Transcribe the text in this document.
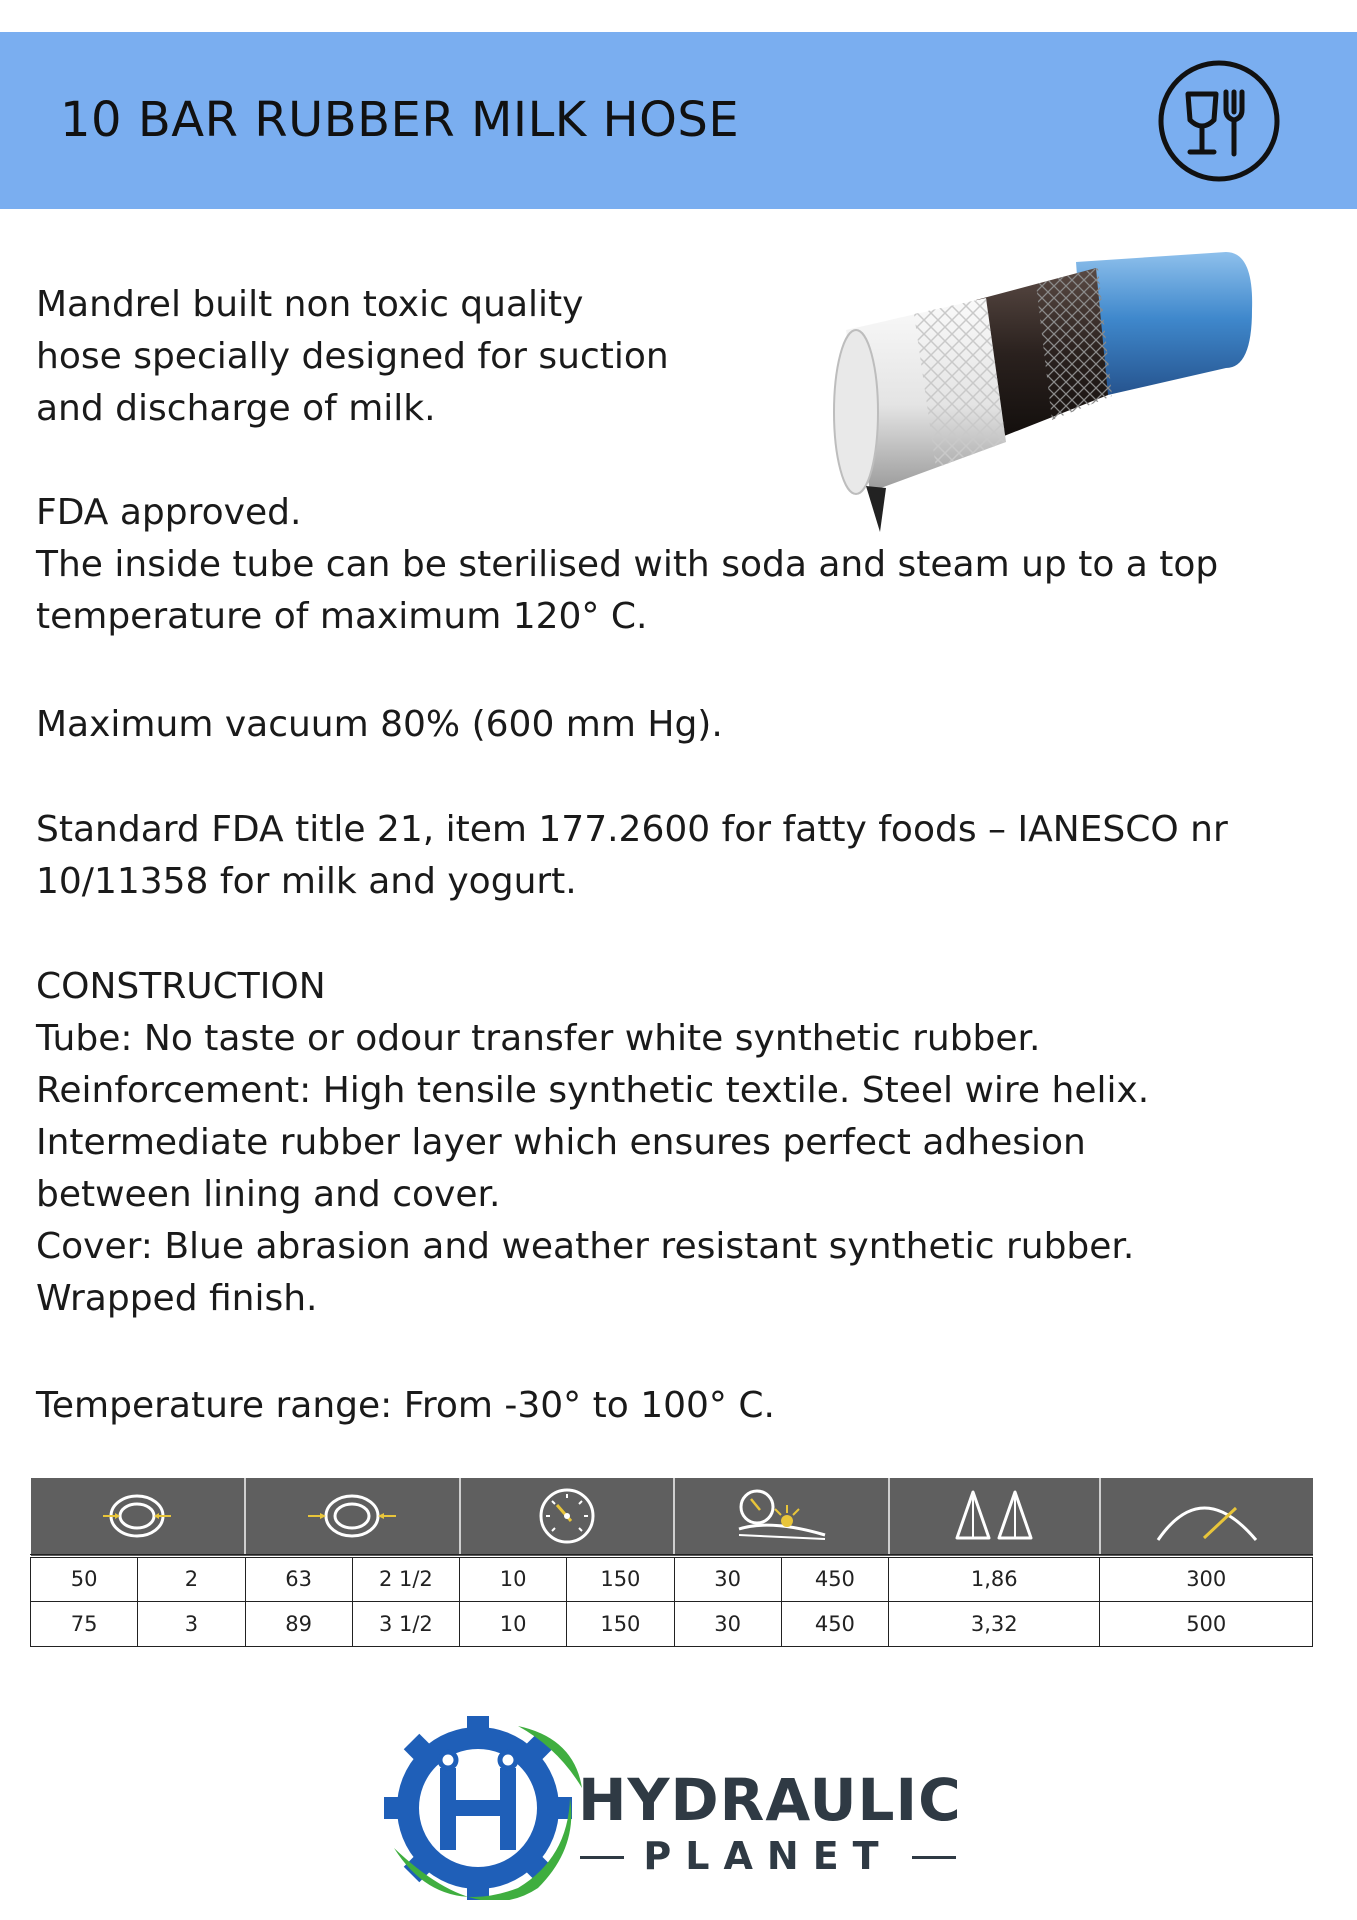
10 BAR RUBBER MILK HOSE
Mandrel built non toxic quality
hose specially designed for suction
and discharge of milk.
FDA approved.
The inside tube can be sterilised with soda and steam up to a top
temperature of maximum 120° C.
Maximum vacuum 80% (600 mm Hg).
Standard FDA title 21, item 177.2600 for fatty foods – IANESCO nr
10/11358 for milk and yogurt.
CONSTRUCTION
Tube: No taste or odour transfer white synthetic rubber.
Reinforcement: High tensile synthetic textile. Steel wire helix.
Intermediate rubber layer which ensures perfect adhesion
between lining and cover.
Cover: Blue abrasion and weather resistant synthetic rubber.
Wrapped finish.
Temperature range: From -30° to 100° C.

50	2	63	2 1/2	10	150	30	450	1,86	300
75	3	89	3 1/2	10	150	30	450	3,32	500
HYDRAULIC
PLANET
